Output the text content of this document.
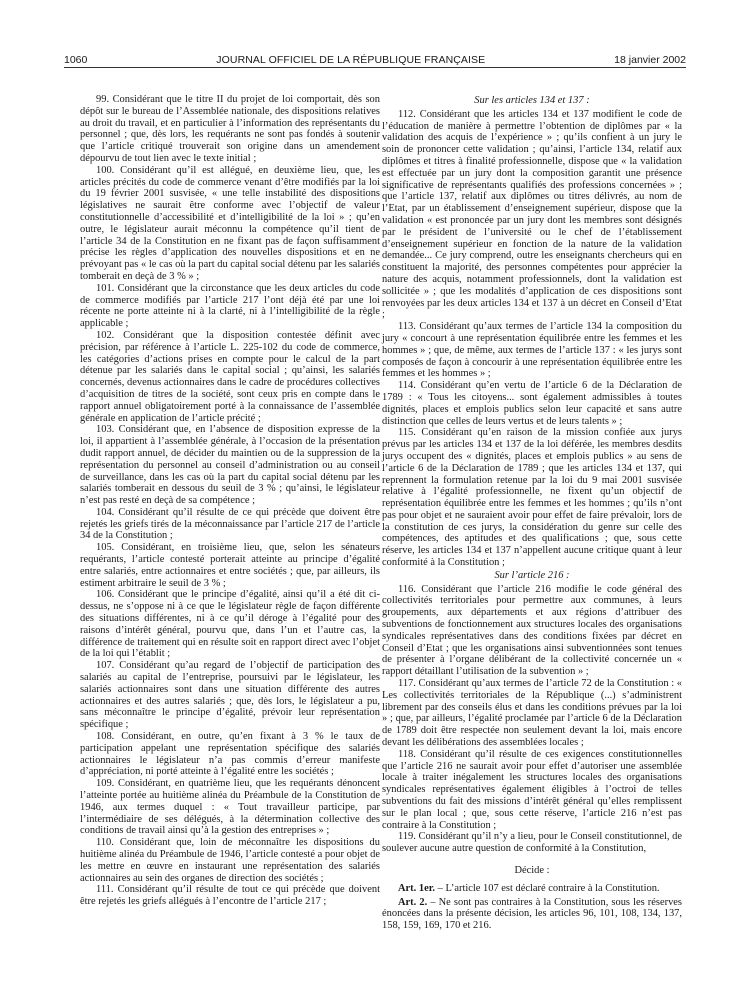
1060	JOURNAL OFFICIEL DE LA RÉPUBLIQUE FRANÇAISE	18 janvier 2002

99. Considérant que le titre II du projet de loi comportait, dès son dépôt sur le bureau de l’Assemblée nationale, des dispositions relatives au droit du travail, et en particulier à l’information des représentants du personnel ; que, dès lors, les requérants ne sont pas fondés à soutenir que l’article critiqué trouverait son origine dans un amendement dépourvu de tout lien avec le texte initial ;

100. Considérant qu’il est allégué, en deuxième lieu, que, les articles précités du code de commerce venant d’être modifiés par la loi du 19 février 2001 susvisée, « une telle instabilité des dispositions législatives ne saurait être conforme avec l’objectif de valeur constitutionnelle d’accessibilité et d’intelligibilité de la loi » ; qu’en outre, le législateur aurait méconnu la compétence qu’il tient de l’article 34 de la Constitution en ne fixant pas de façon suffisamment précise les règles d’application des nouvelles dispositions et en ne prévoyant pas « le cas où la part du capital social détenu par les salariés tomberait en deçà de 3 % » ;

101. Considérant que la circonstance que les deux articles du code de commerce modifiés par l’article 217 l’ont déjà été par une loi récente ne porte atteinte ni à la clarté, ni à l’intelligibilité de la règle applicable ;

102. Considérant que la disposition contestée définit avec précision, par référence à l’article L. 225-102 du code de commerce, les catégories d’actions prises en compte pour le calcul de la part détenue par les salariés dans le capital social ; qu’ainsi, les salariés concernés, devenus actionnaires dans le cadre de procédures collectives d’acquisition de titres de la société, sont ceux pris en compte dans le rapport annuel obligatoirement porté à la connaissance de l’assemblée générale en application de l’article précité ;

103. Considérant que, en l’absence de disposition expresse de la loi, il appartient à l’assemblée générale, à l’occasion de la présentation dudit rapport annuel, de décider du maintien ou de la suppression de la représentation du personnel au conseil d’administration ou au conseil de surveillance, dans les cas où la part du capital social détenu par les salariés tomberait en dessous du seuil de 3 % ; qu’ainsi, le législateur n’est pas resté en deçà de sa compétence ;

104. Considérant qu’il résulte de ce qui précède que doivent être rejetés les griefs tirés de la méconnaissance par l’article 217 de l’article 34 de la Constitution ;

105. Considérant, en troisième lieu, que, selon les sénateurs requérants, l’article contesté porterait atteinte au principe d’égalité entre salariés, entre actionnaires et entre sociétés ; que, par ailleurs, ils estiment arbitraire le seuil de 3 % ;

106. Considérant que le principe d’égalité, ainsi qu’il a été dit ci-dessus, ne s’oppose ni à ce que le législateur règle de façon différente des situations différentes, ni à ce qu’il déroge à l’égalité pour des raisons d’intérêt général, pourvu que, dans l’un et l’autre cas, la différence de traitement qui en résulte soit en rapport direct avec l’objet de la loi qui l’établit ;

107. Considérant qu’au regard de l’objectif de participation des salariés au capital de l’entreprise, poursuivi par le législateur, les salariés actionnaires sont dans une situation différente des autres actionnaires et des autres salariés ; que, dès lors, le législateur a pu, sans méconnaître le principe d’égalité, prévoir leur représentation spécifique ;

108. Considérant, en outre, qu’en fixant à 3 % le taux de participation appelant une représentation spécifique des salariés actionnaires le législateur n’a pas commis d’erreur manifeste d’appréciation, ni porté atteinte à l’égalité entre les sociétés ;

109. Considérant, en quatrième lieu, que les requérants dénoncent l’atteinte portée au huitième alinéa du Préambule de la Constitution de 1946, aux termes duquel : « Tout travailleur participe, par l’intermédiaire de ses délégués, à la détermination collective des conditions de travail ainsi qu’à la gestion des entreprises » ;

110. Considérant que, loin de méconnaître les dispositions du huitième alinéa du Préambule de 1946, l’article contesté a pour objet de les mettre en œuvre en instaurant une représentation des salariés actionnaires au sein des organes de direction des sociétés ;

111. Considérant qu’il résulte de tout ce qui précède que doivent être rejetés les griefs allégués à l’encontre de l’article 217 ;

Sur les articles 134 et 137 :

112. Considérant que les articles 134 et 137 modifient le code de l’éducation de manière à permettre l’obtention de diplômes par « la validation des acquis de l’expérience » ; qu’ils confient à un jury le soin de prononcer cette validation ; qu’ainsi, l’article 134, relatif aux diplômes et titres à finalité professionnelle, dispose que « la validation est effectuée par un jury dont la composition garantit une présence significative de représentants qualifiés des professions concernées » ; que l’article 137, relatif aux diplômes ou titres délivrés, au nom de l’Etat, par un établissement d’enseignement supérieur, dispose que la validation « est prononcée par un jury dont les membres sont désignés par le président de l’université ou le chef de l’établissement d’enseignement supérieur en fonction de la nature de la validation demandée... Ce jury comprend, outre les enseignants chercheurs qui en constituent la majorité, des personnes compétentes pour apprécier la nature des acquis, notamment professionnels, dont la validation est sollicitée » ; que les modalités d’application de ces dispositions sont renvoyées par les deux articles 134 et 137 à un décret en Conseil d’Etat ;

113. Considérant qu’aux termes de l’article 134 la composition du jury « concourt à une représentation équilibrée entre les femmes et les hommes » ; que, de même, aux termes de l’article 137 : « les jurys sont composés de façon à concourir à une représentation équilibrée entre les femmes et les hommes » ;

114. Considérant qu’en vertu de l’article 6 de la Déclaration de 1789 : « Tous les citoyens... sont également admissibles à toutes dignités, places et emplois publics selon leur capacité et sans autre distinction que celles de leurs vertus et de leurs talents » ;

115. Considérant qu’en raison de la mission confiée aux jurys prévus par les articles 134 et 137 de la loi déférée, les membres desdits jurys occupent des « dignités, places et emplois publics » au sens de l’article 6 de la Déclaration de 1789 ; que les articles 134 et 137, qui reprennent la formulation retenue par la loi du 9 mai 2001 susvisée relative à l’égalité professionnelle, ne fixent qu’un objectif de représentation équilibrée entre les femmes et les hommes ; qu’ils n’ont pas pour objet et ne sauraient avoir pour effet de faire prévaloir, lors de la constitution de ces jurys, la considération du genre sur celle des compétences, des aptitudes et des qualifications ; que, sous cette réserve, les articles 134 et 137 n’appellent aucune critique quant à leur conformité à la Constitution ;

Sur l’article 216 :

116. Considérant que l’article 216 modifie le code général des collectivités territoriales pour permettre aux communes, à leurs groupements, aux départements et aux régions d’attribuer des subventions de fonctionnement aux structures locales des organisations syndicales représentatives dans des conditions fixées par décret en Conseil d’Etat ; que les organisations ainsi subventionnées sont tenues de présenter à l’organe délibérant de la collectivité concernée un « rapport détaillant l’utilisation de la subvention » ;

117. Considérant qu’aux termes de l’article 72 de la Constitution : « Les collectivités territoriales de la République (...) s’administrent librement par des conseils élus et dans les conditions prévues par la loi » ; que, par ailleurs, l’égalité proclamée par l’article 6 de la Déclaration de 1789 doit être respectée non seulement devant la loi, mais encore devant les délibérations des assemblées locales ;

118. Considérant qu’il résulte de ces exigences constitutionnelles que l’article 216 ne saurait avoir pour effet d’autoriser une assemblée locale à traiter inégalement les structures locales des organisations syndicales représentatives également éligibles à l’octroi de telles subventions du fait des missions d’intérêt général qu’elles remplissent sur le plan local ; que, sous cette réserve, l’article 216 n’est pas contraire à la Constitution ;

119. Considérant qu’il n’y a lieu, pour le Conseil constitutionnel, de soulever aucune autre question de conformité à la Constitution,

Décide :

Art. 1er. – L’article 107 est déclaré contraire à la Constitution.

Art. 2. – Ne sont pas contraires à la Constitution, sous les réserves énoncées dans la présente décision, les articles 96, 101, 108, 134, 137, 158, 159, 169, 170 et 216.
